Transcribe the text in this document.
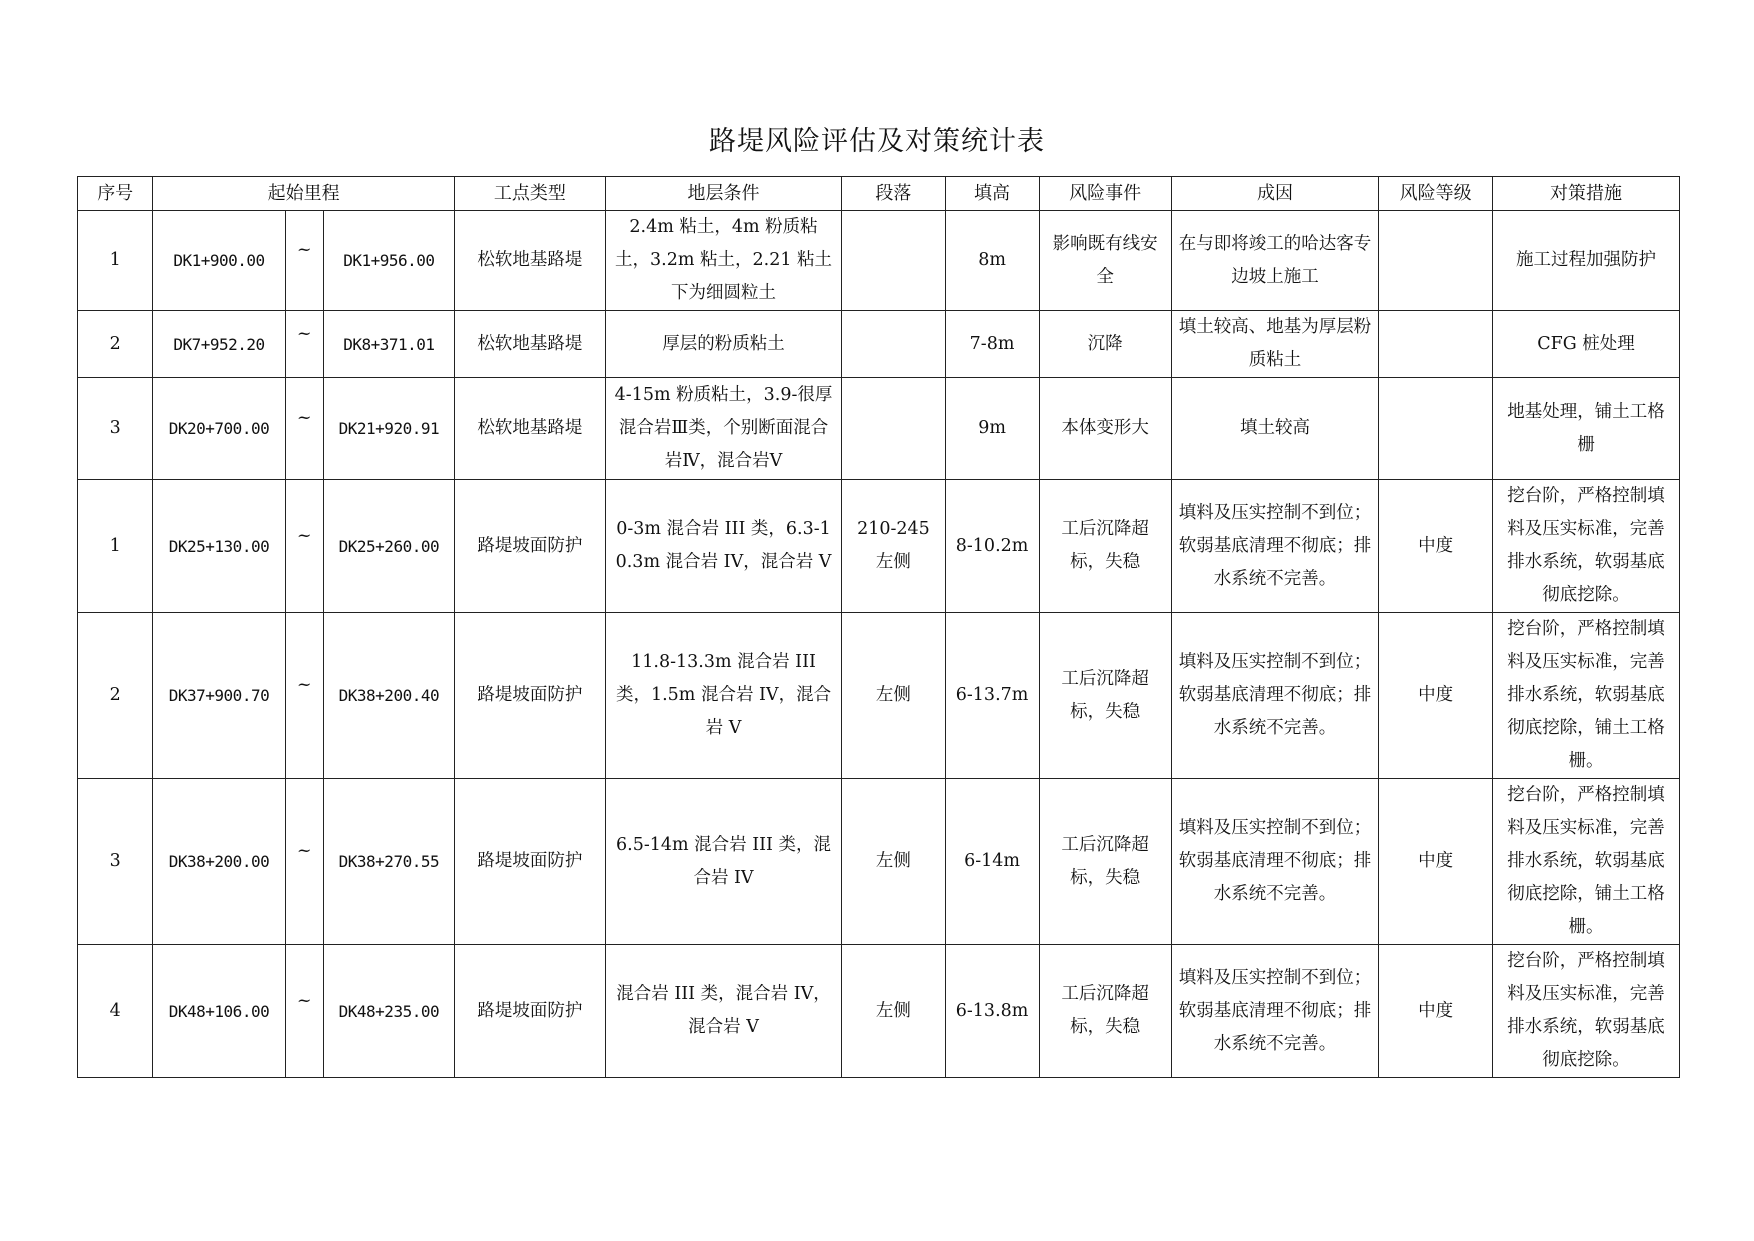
路堤风险评估及对策统计表
序号	起始里程			工点类型	地层条件	段落	填高	风险事件	成因	风险等级	对策措施
1	DK1+900.00	~	DK1+956.00	松软地基路堤	2.4m 粘土，4m 粉质粘土，3.2m 粘土，2.21 粘土下为细圆粒土		8m	影响既有线安全	在与即将竣工的哈达客专边坡上施工		施工过程加强防护
2	DK7+952.20	~	DK8+371.01	松软地基路堤	厚层的粉质粘土		7-8m	沉降	填土较高、地基为厚层粉质粘土		CFG 桩处理
3	DK20+700.00	~	DK21+920.91	松软地基路堤	4-15m 粉质粘土，3.9-很厚混合岩Ⅲ类，个别断面混合岩Ⅳ，混合岩Ⅴ		9m	本体变形大	填土较高		地基处理，铺土工格栅
1	DK25+130.00	~	DK25+260.00	路堤坡面防护	0-3m 混合岩 III 类，6.3-10.3m 混合岩 IV，混合岩 V	210-245 左侧	8-10.2m	工后沉降超标，失稳	填料及压实控制不到位；软弱基底清理不彻底；排水系统不完善。	中度	挖台阶，严格控制填料及压实标准，完善排水系统，软弱基底彻底挖除。
2	DK37+900.70	~	DK38+200.40	路堤坡面防护	11.8-13.3m 混合岩 III 类，1.5m 混合岩 IV，混合岩 V	左侧	6-13.7m	工后沉降超标，失稳	填料及压实控制不到位；软弱基底清理不彻底；排水系统不完善。	中度	挖台阶，严格控制填料及压实标准，完善排水系统，软弱基底彻底挖除，铺土工格栅。
3	DK38+200.00	~	DK38+270.55	路堤坡面防护	6.5-14m 混合岩 III 类，混合岩 IV	左侧	6-14m	工后沉降超标，失稳	填料及压实控制不到位；软弱基底清理不彻底；排水系统不完善。	中度	挖台阶，严格控制填料及压实标准，完善排水系统，软弱基底彻底挖除，铺土工格栅。
4	DK48+106.00	~	DK48+235.00	路堤坡面防护	混合岩 III 类，混合岩 IV，混合岩 V	左侧	6-13.8m	工后沉降超标，失稳	填料及压实控制不到位；软弱基底清理不彻底；排水系统不完善。	中度	挖台阶，严格控制填料及压实标准，完善排水系统，软弱基底彻底挖除。
